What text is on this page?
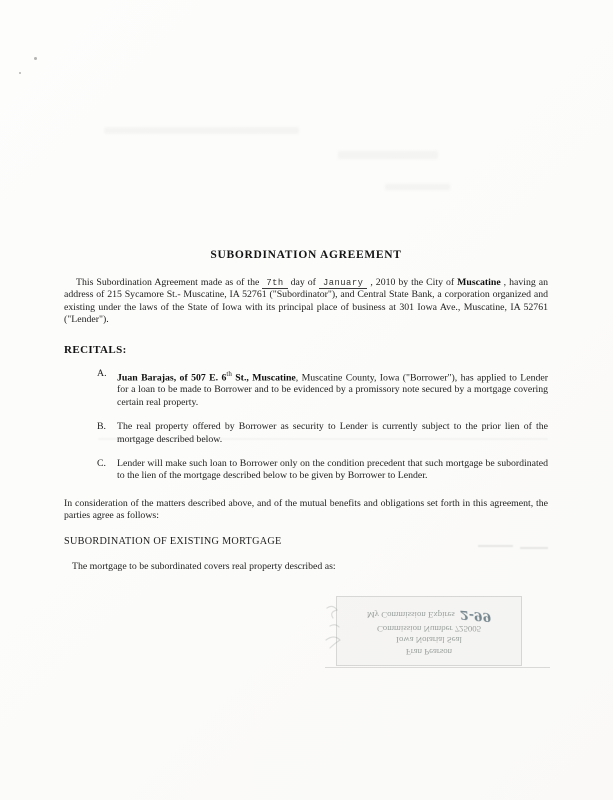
SUBORDINATION AGREEMENT

This Subordination Agreement made as of the 7th day of January , 2010 by the City of Muscatine , having an address of 215 Sycamore St.- Muscatine, IA 52761 ("Subordinator"), and Central State Bank, a corporation organized and existing under the laws of the State of Iowa with its principal place of business at 301 Iowa Ave., Muscatine, IA 52761 ("Lender").

RECITALS:
A.	Juan Barajas, of 507 E. 6th St., Muscatine, Muscatine County, Iowa ("Borrower"), has applied to Lender for a loan to be made to Borrower and to be evidenced by a promissory note secured by a mortgage covering certain real property.
B.	The real property offered by Borrower as security to Lender is currently subject to the prior lien of the mortgage described below.
C.	Lender will make such loan to Borrower only on the condition precedent that such mortgage be subordinated to the lien of the mortgage described below to be given by Borrower to Lender.

In consideration of the matters described above, and of the mutual benefits and obligations set forth in this agreement, the parties agree as follows:

SUBORDINATION OF EXISTING MORTGAGE

The mortgage to be subordinated covers real property described as:

Fran Pearson
Iowa Notarial Seal
Commission Number 725005
My Commission Expires 2-99
